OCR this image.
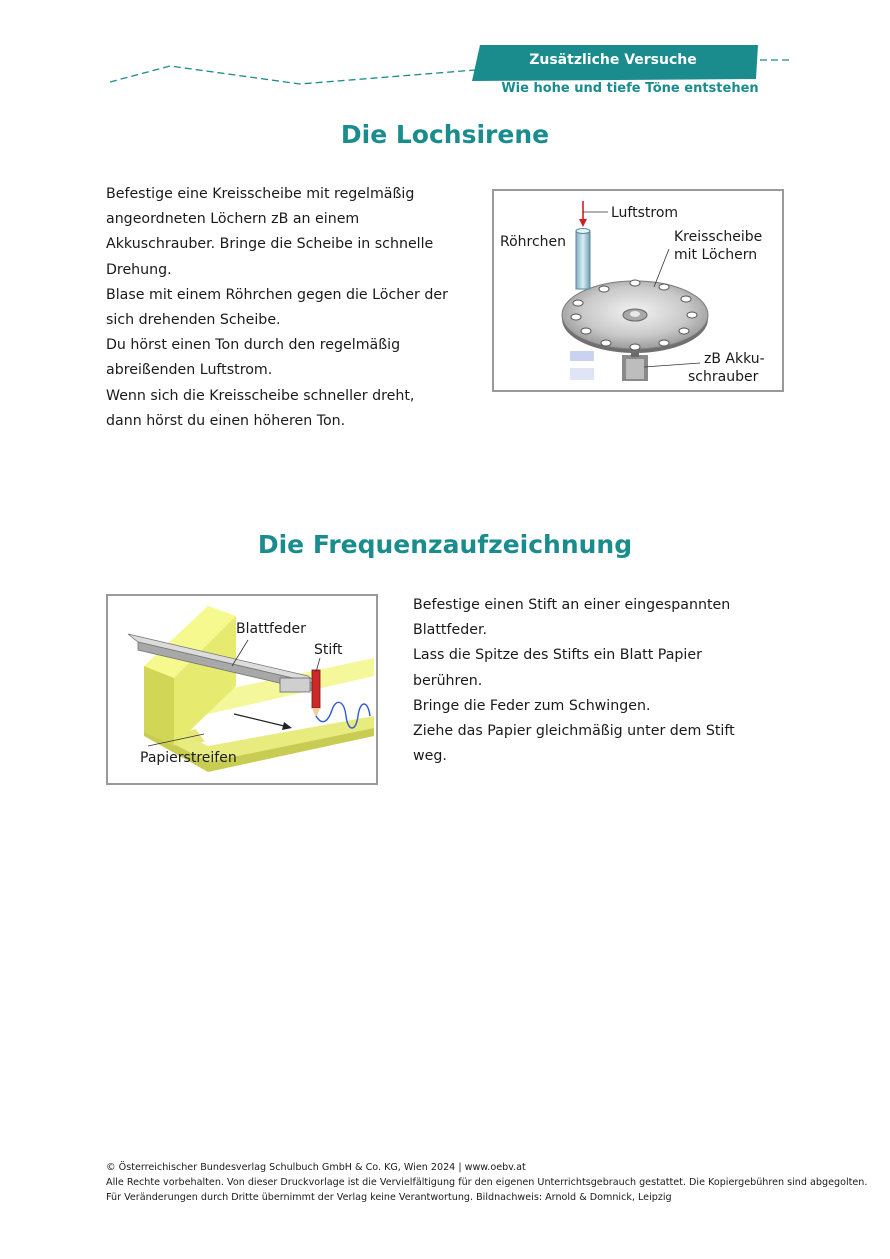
Zusätzliche Versuche
Wie hohe und tiefe Töne entstehen
Die Lochsirene

Befestige eine Kreisscheibe mit regelmäßig

angeordneten Löchern zB an einem

Akkuschrauber. Bringe die Scheibe in schnelle

Drehung.

Blase mit einem Röhrchen gegen die Löcher der

sich drehenden Scheibe.

Du hörst einen Ton durch den regelmäßig

abreißenden Luftstrom.

Wenn sich die Kreisscheibe schneller dreht,

dann hörst du einen höheren Ton.

Luftstrom
Röhrchen	Kreisscheibe
mit Löchern
zB Akku-
schrauber
Die Frequenzaufzeichnung
Blattfeder
Stift
Papierstreifen

Befestige einen Stift an einer eingespannten

Blattfeder.

Lass die Spitze des Stifts ein Blatt Papier

berühren.

Bringe die Feder zum Schwingen.

Ziehe das Papier gleichmäßig unter dem Stift

weg.

© Österreichischer Bundesverlag Schulbuch GmbH & Co. KG, Wien 2024 | www.oebv.at

Alle Rechte vorbehalten. Von dieser Druckvorlage ist die Vervielfältigung für den eigenen Unterrichtsgebrauch gestattet. Die Kopiergebühren sind abgegolten.

Für Veränderungen durch Dritte übernimmt der Verlag keine Verantwortung. Bildnachweis: Arnold & Domnick, Leipzig
